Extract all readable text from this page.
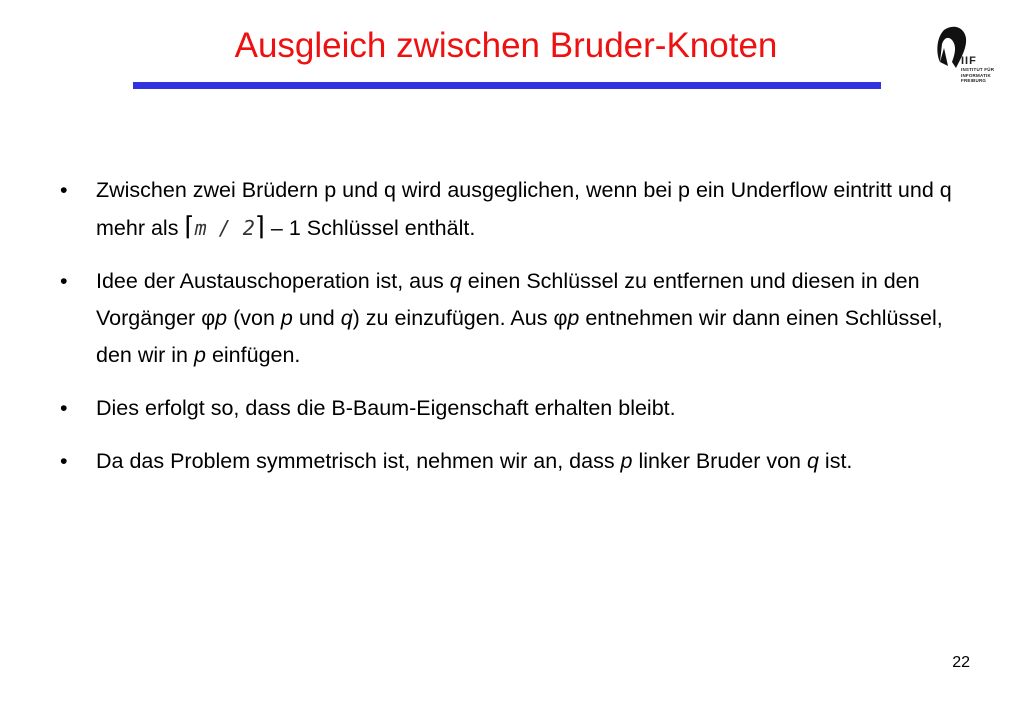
Ausgleich zwischen Bruder-Knoten	IIF
INSTITUT FÜR
INFORMATIK
FREIBURG
• Zwischen zwei Brüdern p und q wird ausgeglichen, wenn bei p ein Underflow eintritt und q mehr als ⌈m / 2⌉ – 1 Schlüssel enthält.
• Idee der Austauschoperation ist, aus q einen Schlüssel zu entfernen und diesen in den Vorgänger φp (von p und q) zu einzufügen. Aus φp entnehmen wir dann einen Schlüssel, den wir in p einfügen.
• Dies erfolgt so, dass die B-Baum-Eigenschaft erhalten bleibt.
• Da das Problem symmetrisch ist, nehmen wir an, dass p linker Bruder von q ist.
22
